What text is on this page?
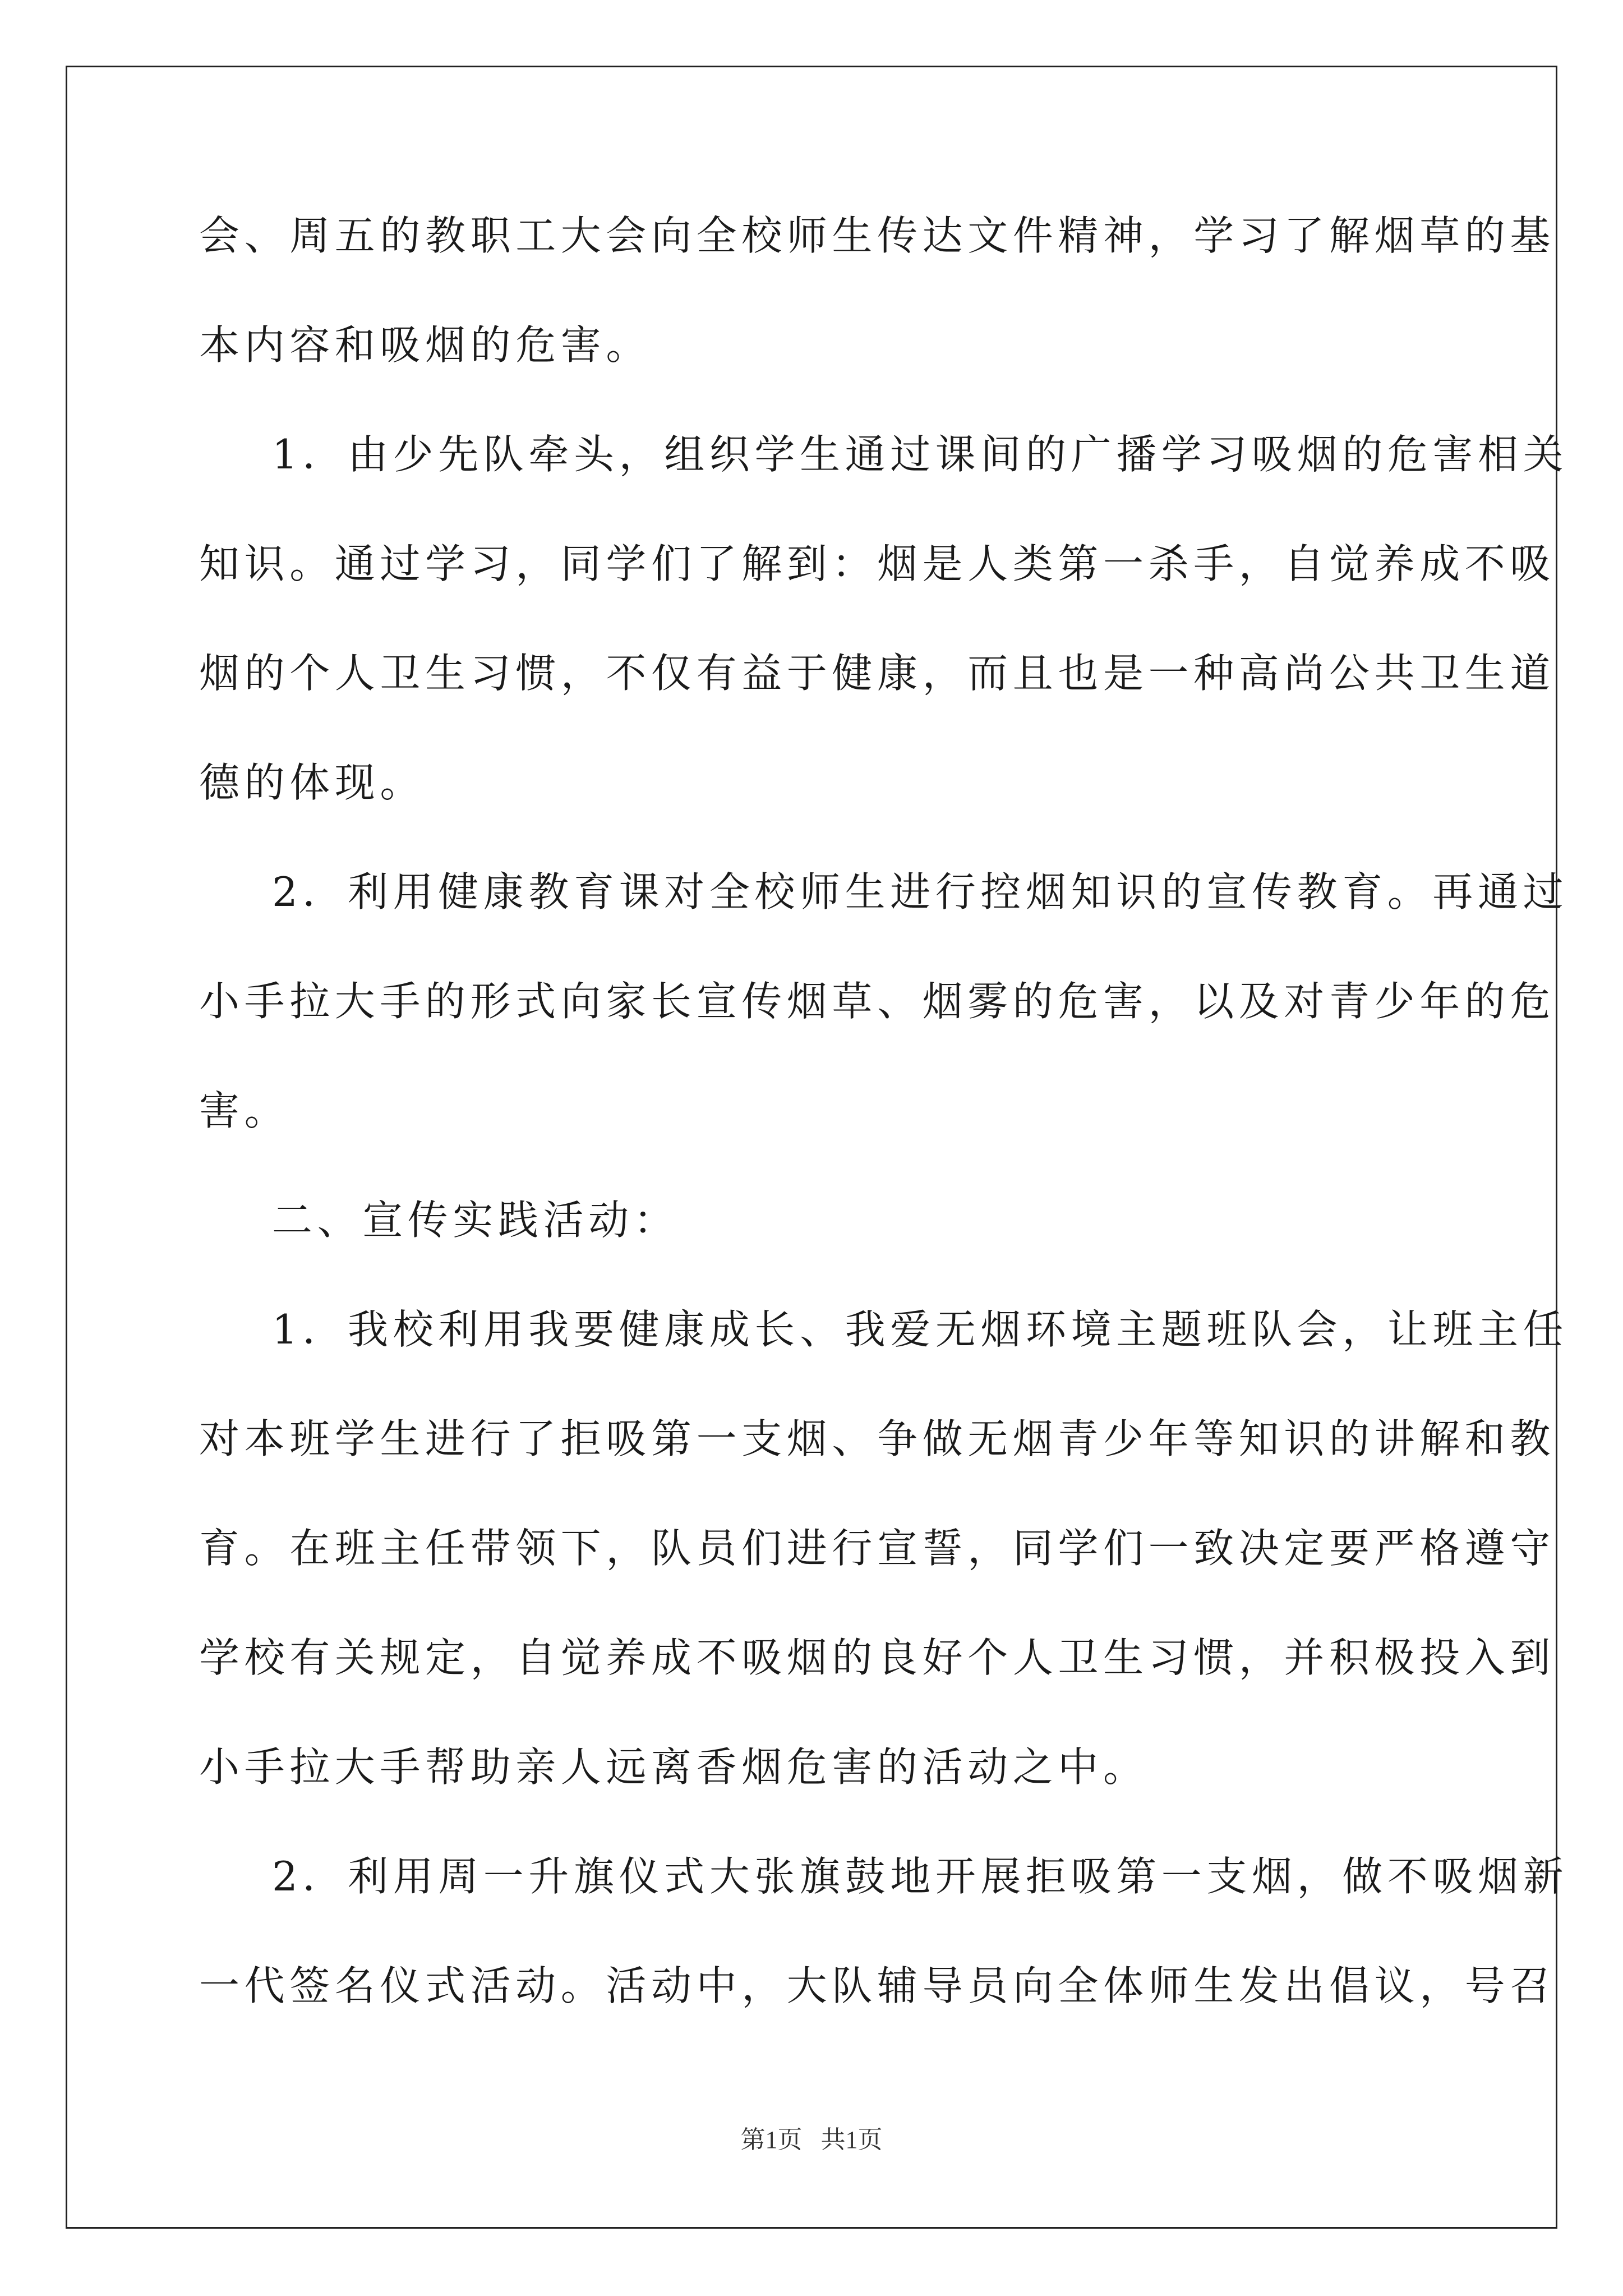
会、周五的教职工大会向全校师生传达文件精神，学习了解烟草的基
本内容和吸烟的危害。
1．由少先队牵头，组织学生通过课间的广播学习吸烟的危害相关
知识。通过学习，同学们了解到：烟是人类第一杀手，自觉养成不吸
烟的个人卫生习惯，不仅有益于健康，而且也是一种高尚公共卫生道
德的体现。
2．利用健康教育课对全校师生进行控烟知识的宣传教育。再通过
小手拉大手的形式向家长宣传烟草、烟雾的危害，以及对青少年的危
害。
二、宣传实践活动：
1．我校利用我要健康成长、我爱无烟环境主题班队会，让班主任
对本班学生进行了拒吸第一支烟、争做无烟青少年等知识的讲解和教
育。在班主任带领下，队员们进行宣誓，同学们一致决定要严格遵守
学校有关规定，自觉养成不吸烟的良好个人卫生习惯，并积极投入到
小手拉大手帮助亲人远离香烟危害的活动之中。
2．利用周一升旗仪式大张旗鼓地开展拒吸第一支烟，做不吸烟新
一代签名仪式活动。活动中，大队辅导员向全体师生发出倡议，号召
第1页 共1页
